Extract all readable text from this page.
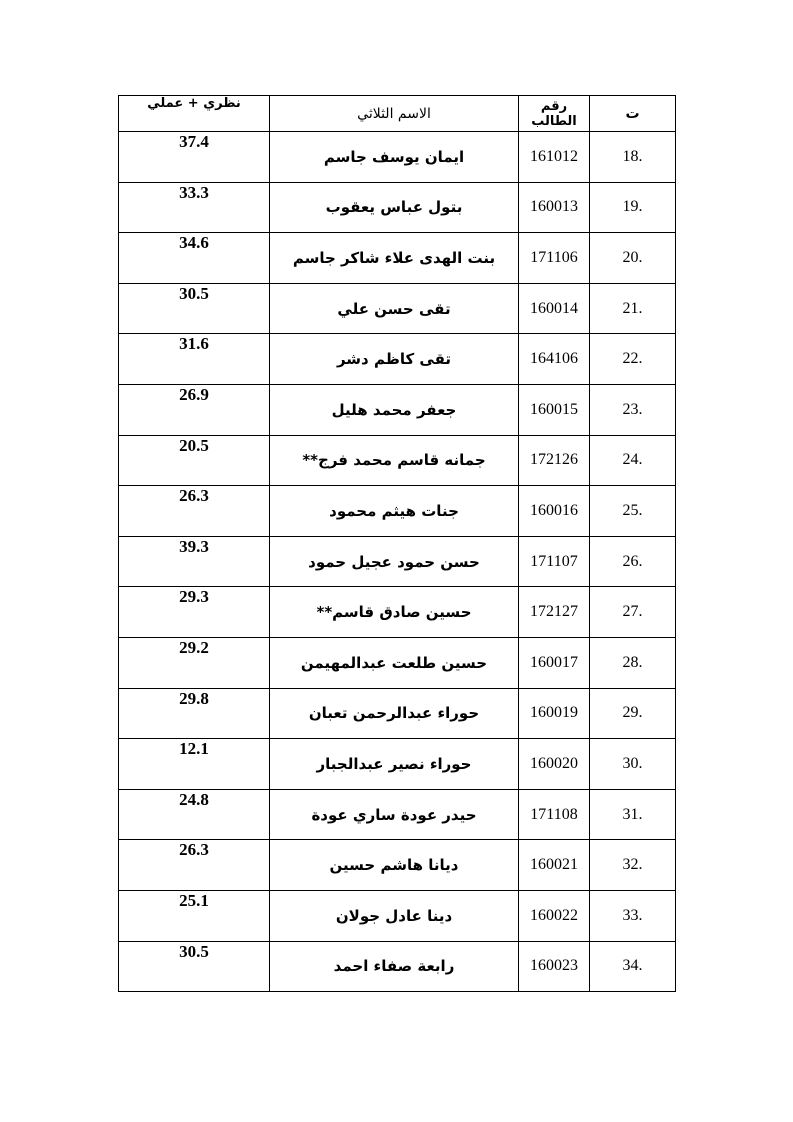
نظري + عملي	الاسم الثلاثي	رقم الطالب	ت
37.4	ايمان يوسف جاسم	161012	18.
33.3	بتول عباس يعقوب	160013	19.
34.6	بنت الهدى علاء شاكر جاسم	171106	20.
30.5	تقى حسن علي	160014	21.
31.6	تقى كاظم دشر	164106	22.
26.9	جعفر محمد هليل	160015	23.
20.5	جمانه قاسم محمد فرج**	172126	24.
26.3	جنات هيثم محمود	160016	25.
39.3	حسن حمود عجيل حمود	171107	26.
29.3	حسين صادق قاسم**	172127	27.
29.2	حسين طلعت عبدالمهيمن	160017	28.
29.8	حوراء عبدالرحمن تعبان	160019	29.
12.1	حوراء نصير عبدالجبار	160020	30.
24.8	حيدر عودة ساري عودة	171108	31.
26.3	ديانا هاشم حسين	160021	32.
25.1	دينا عادل جولان	160022	33.
30.5	رابعة صفاء احمد	160023	34.
